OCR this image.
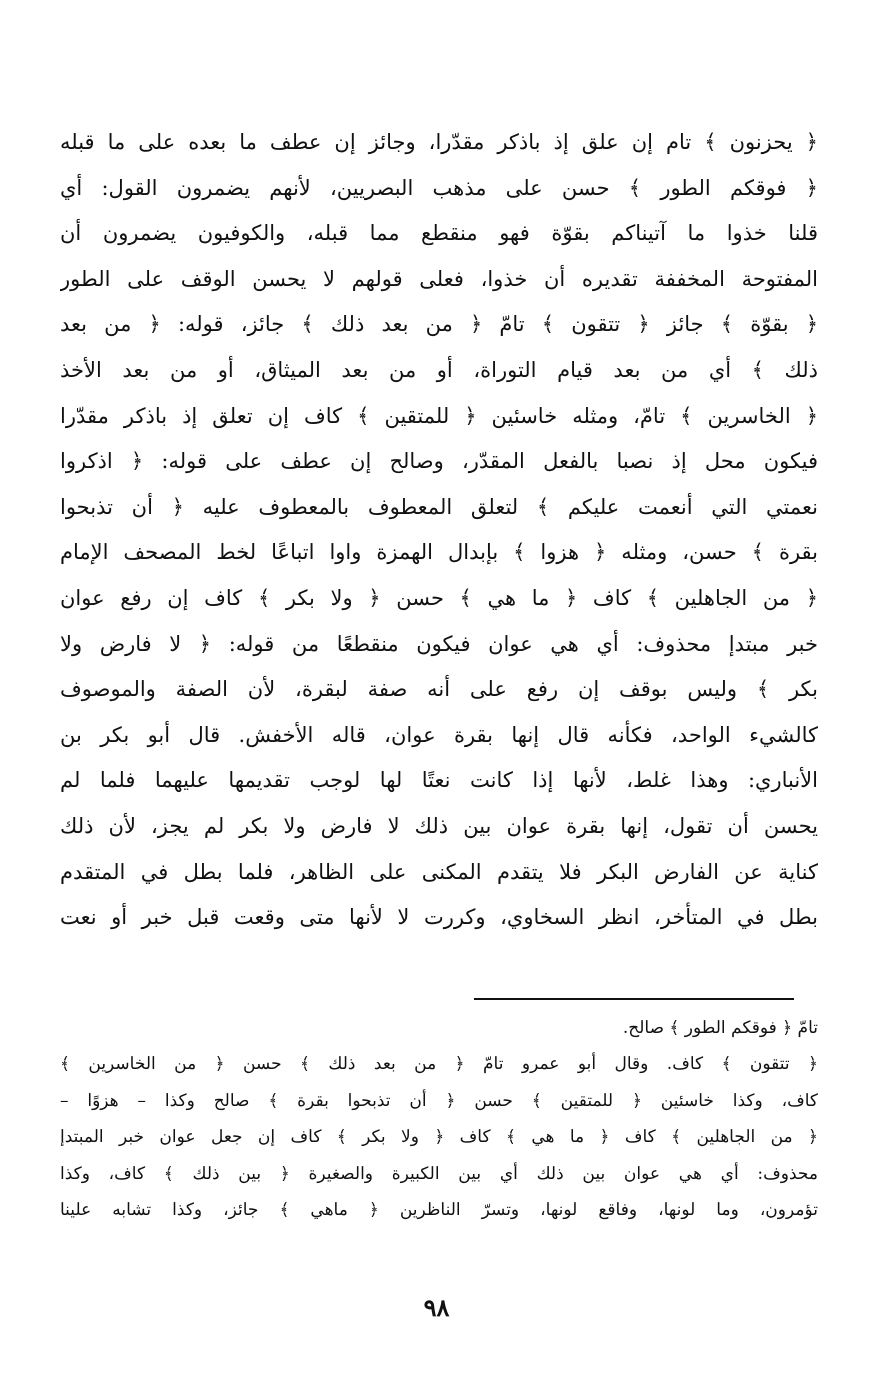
﴿ يحزنون ﴾ تام إن علق إذ باذكر مقدّرا، وجائز إن عطف ما بعده على ما قبله
﴿ فوقكم الطور ﴾ حسن على مذهب البصريين، لأنهم يضمرون القول: أي
قلنا خذوا ما آتيناكم بقوّة فهو منقطع مما قبله، والكوفيون يضمرون أن
المفتوحة المخففة تقديره أن خذوا، فعلى قولهم لا يحسن الوقف على الطور
﴿ بقوّة ﴾ جائز ﴿ تتقون ﴾ تامّ ﴿ من بعد ذلك ﴾ جائز، قوله: ﴿ من بعد
ذلك ﴾ أي من بعد قيام التوراة، أو من بعد الميثاق، أو من بعد الأخذ
﴿ الخاسرين ﴾ تامّ، ومثله خاسئين ﴿ للمتقين ﴾ كاف إن تعلق إذ باذكر مقدّرا
فيكون محل إذ نصبا بالفعل المقدّر، وصالح إن عطف على قوله: ﴿ اذكروا
نعمتي التي أنعمت عليكم ﴾ لتعلق المعطوف بالمعطوف عليه ﴿ أن تذبحوا
بقرة ﴾ حسن، ومثله ﴿ هزوا ﴾ بإبدال الهمزة واوا اتباعًا لخط المصحف الإمام
﴿ من الجاهلين ﴾ كاف ﴿ ما هي ﴾ حسن ﴿ ولا بكر ﴾ كاف إن رفع عوان
خبر مبتدإ محذوف: أي هي عوان فيكون منقطعًا من قوله: ﴿ لا فارض ولا
بكر ﴾ وليس بوقف إن رفع على أنه صفة لبقرة، لأن الصفة والموصوف
كالشيء الواحد، فكأنه قال إنها بقرة عوان، قاله الأخفش. قال أبو بكر بن
الأنباري: وهذا غلط، لأنها إذا كانت نعتًا لها لوجب تقديمها عليهما فلما لم
يحسن أن تقول، إنها بقرة عوان بين ذلك لا فارض ولا بكر لم يجز، لأن ذلك
كناية عن الفارض البكر فلا يتقدم المكنى على الظاهر، فلما بطل في المتقدم
بطل في المتأخر، انظر السخاوي، وكررت لا لأنها متى وقعت قبل خبر أو نعت
تامّ ﴿ فوقكم الطور ﴾ صالح.
﴿ تتقون ﴾ كاف. وقال أبو عمرو تامّ ﴿ من بعد ذلك ﴾ حسن ﴿ من الخاسرين ﴾
كاف، وكذا خاسئين ﴿ للمتقين ﴾ حسن ﴿ أن تذبحوا بقرة ﴾ صالح وكذا – هزوًا –
﴿ من الجاهلين ﴾ كاف ﴿ ما هي ﴾ كاف ﴿ ولا بكر ﴾ كاف إن جعل عوان خبر المبتدإ
محذوف: أي هي عوان بين ذلك أي بين الكبيرة والصغيرة ﴿ بين ذلك ﴾ كاف، وكذا
تؤمرون، وما لونها، وفاقع لونها، وتسرّ الناظرين ﴿ ماهي ﴾ جائز، وكذا تشابه علينا
٩٨
